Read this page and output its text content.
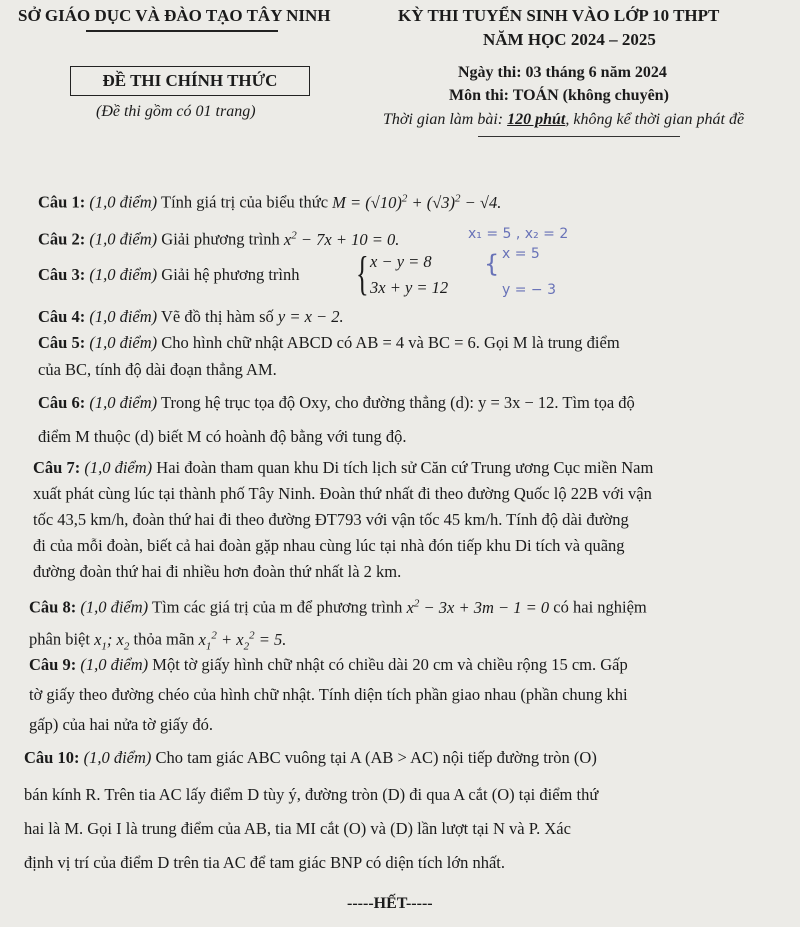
SỞ GIÁO DỤC VÀ ĐÀO TẠO TÂY NINH	KỲ THI TUYỂN SINH VÀO LỚP 10 THPT
NĂM HỌC 2024 – 2025
ĐỀ THI CHÍNH THỨC
(Đề thi gồm có 01 trang)
Ngày thi: 03 tháng 6 năm 2024
Môn thi: TOÁN (không chuyên)
Thời gian làm bài: 120 phút, không kể thời gian phát đề
Câu 1: (1,0 điểm) Tính giá trị của biểu thức $M = (√10)^2 + (√3)^2 - √4$.
Câu 2: (1,0 điểm) Giải phương trình $x^2 - 7x + 10 = 0$.	x₁ = 5 , x₂ = 2
Câu 3: (1,0 điểm) Giải hệ phương trình { x − y = 8
3x + y = 12
{ x = 5
y = − 3
Câu 4: (1,0 điểm) Vẽ đồ thị hàm số y = x − 2.
Câu 5: (1,0 điểm) Cho hình chữ nhật ABCD có AB = 4 và BC = 6. Gọi M là trung điểm
của BC, tính độ dài đoạn thẳng AM.
Câu 6: (1,0 điểm) Trong hệ trục tọa độ Oxy, cho đường thẳng (d): y = 3x − 12. Tìm tọa độ
điểm M thuộc (d) biết M có hoành độ bằng với tung độ.
Câu 7: (1,0 điểm) Hai đoàn tham quan khu Di tích lịch sử Căn cứ Trung ương Cục miền Nam
xuất phát cùng lúc tại thành phố Tây Ninh. Đoàn thứ nhất đi theo đường Quốc lộ 22B với vận
tốc 43,5 km/h, đoàn thứ hai đi theo đường ĐT793 với vận tốc 45 km/h. Tính độ dài đường
đi của mỗi đoàn, biết cả hai đoàn gặp nhau cùng lúc tại nhà đón tiếp khu Di tích và quãng
đường đoàn thứ hai đi nhiều hơn đoàn thứ nhất là 2 km.
Câu 8: (1,0 điểm) Tìm các giá trị của m để phương trình $x^2 - 3x + 3m - 1 = 0$ có hai nghiệm
phân biệt $x_1$; $x_2$ thỏa mãn $x_1^2 + x_2^2 = 5$.
Câu 9: (1,0 điểm) Một tờ giấy hình chữ nhật có chiều dài 20 cm và chiều rộng 15 cm. Gấp
tờ giấy theo đường chéo của hình chữ nhật. Tính diện tích phần giao nhau (phần chung khi
gấp) của hai nửa tờ giấy đó.
Câu 10: (1,0 điểm) Cho tam giác ABC vuông tại A (AB > AC) nội tiếp đường tròn (O)
bán kính R. Trên tia AC lấy điểm D tùy ý, đường tròn (D) đi qua A cắt (O) tại điểm thứ
hai là M. Gọi I là trung điểm của AB, tia MI cắt (O) và (D) lần lượt tại N và P. Xác
định vị trí của điểm D trên tia AC để tam giác BNP có diện tích lớn nhất.
-----HẾT-----
